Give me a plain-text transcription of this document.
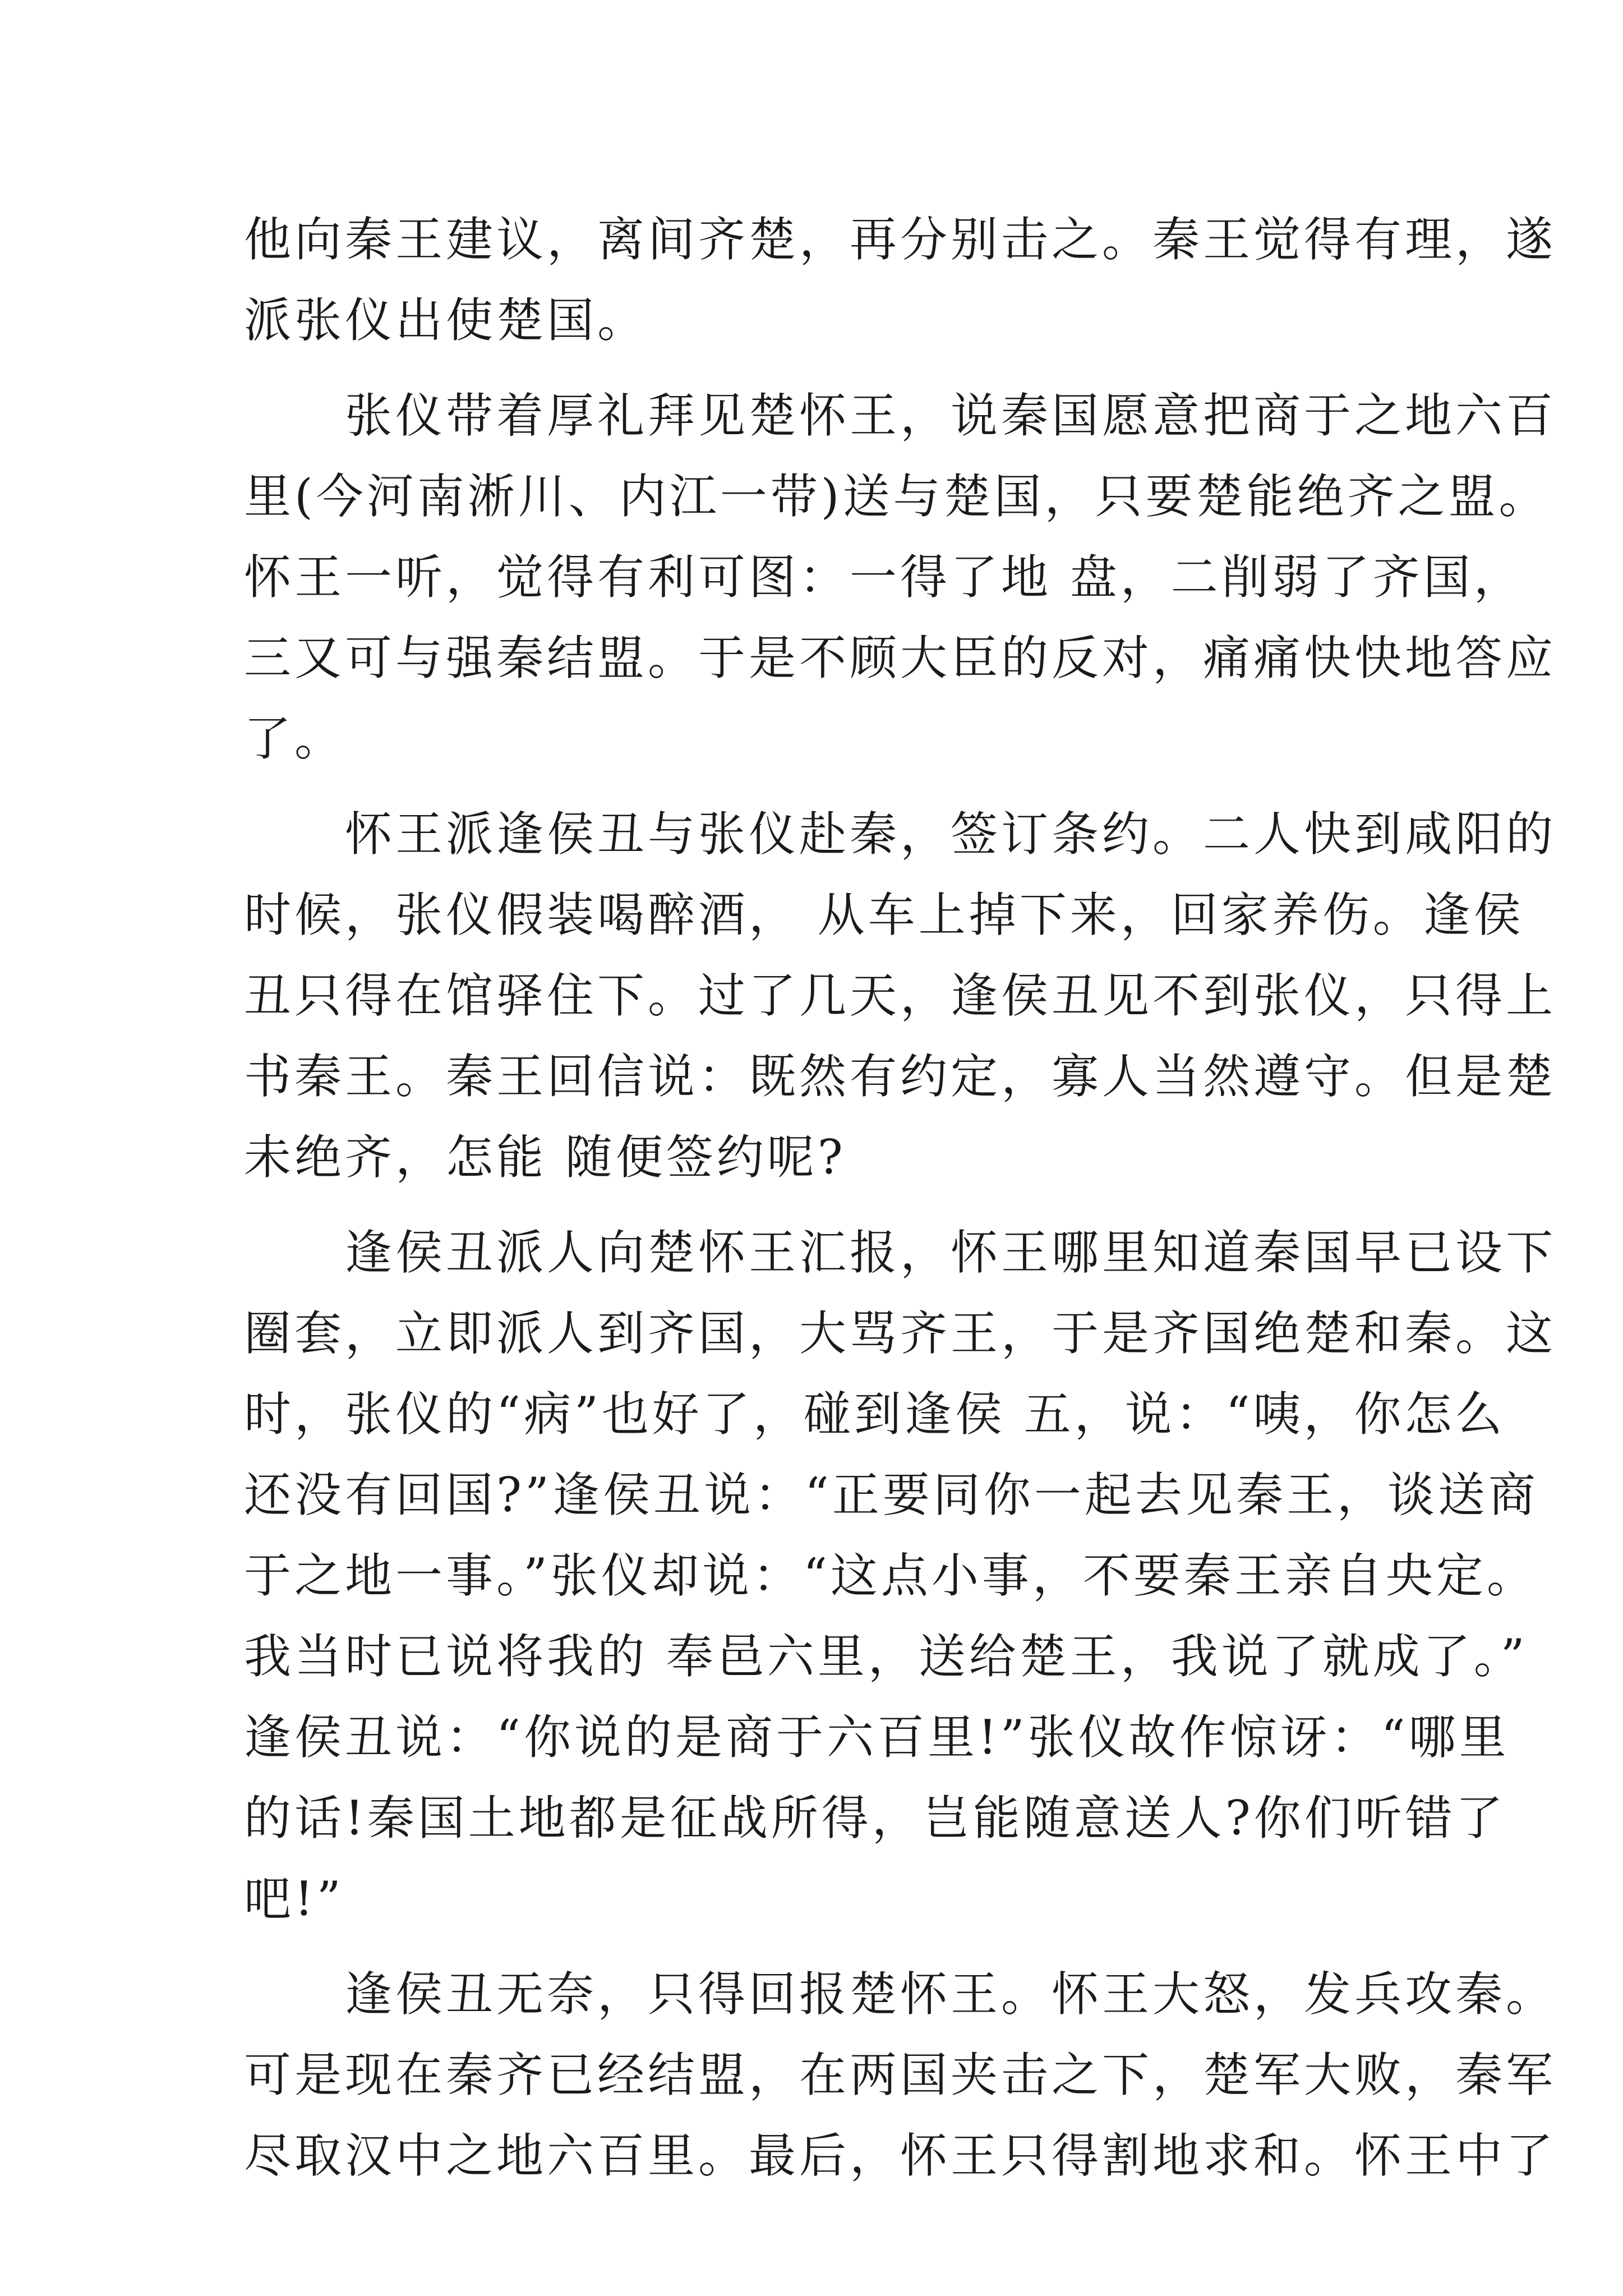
他向秦王建议，离间齐楚，再分别击之。秦王觉得有理，遂
派张仪出使楚国。

　　张仪带着厚礼拜见楚怀王，说秦国愿意把商于之地六百
里(今河南淅川、内江一带)送与楚国，只要楚能绝齐之盟。
怀王一听，觉得有利可图：一得了地 盘，二削弱了齐国，
三又可与强秦结盟。于是不顾大臣的反对，痛痛快快地答应
了。

　　怀王派逢侯丑与张仪赴秦，签订条约。二人快到咸阳的
时候，张仪假装喝醉酒， 从车上掉下来，回家养伤。逢侯
丑只得在馆驿住下。过了几天，逢侯丑见不到张仪，只得上
书秦王。秦王回信说：既然有约定，寡人当然遵守。但是楚
未绝齐，怎能 随便签约呢?

　　逢侯丑派人向楚怀王汇报，怀王哪里知道秦国早已设下
圈套，立即派人到齐国，大骂齐王，于是齐国绝楚和秦。这
时，张仪的“病”也好了，碰到逢侯 五，说：“咦，你怎么
还没有回国?”逢侯丑说：“正要同你一起去见秦王，谈送商
于之地一事。”张仪却说：“这点小事，不要秦王亲自央定。
我当时已说将我的 奉邑六里，送给楚王，我说了就成了。”
逢侯丑说：“你说的是商于六百里!”张仪故作惊讶：“哪里
的话!秦国土地都是征战所得，岂能随意送人?你们听错了
吧!”

　　逢侯丑无奈，只得回报楚怀王。怀王大怒，发兵攻秦。
可是现在秦齐已经结盟，在两国夹击之下，楚军大败，秦军
尽取汉中之地六百里。最后，怀王只得割地求和。怀王中了
